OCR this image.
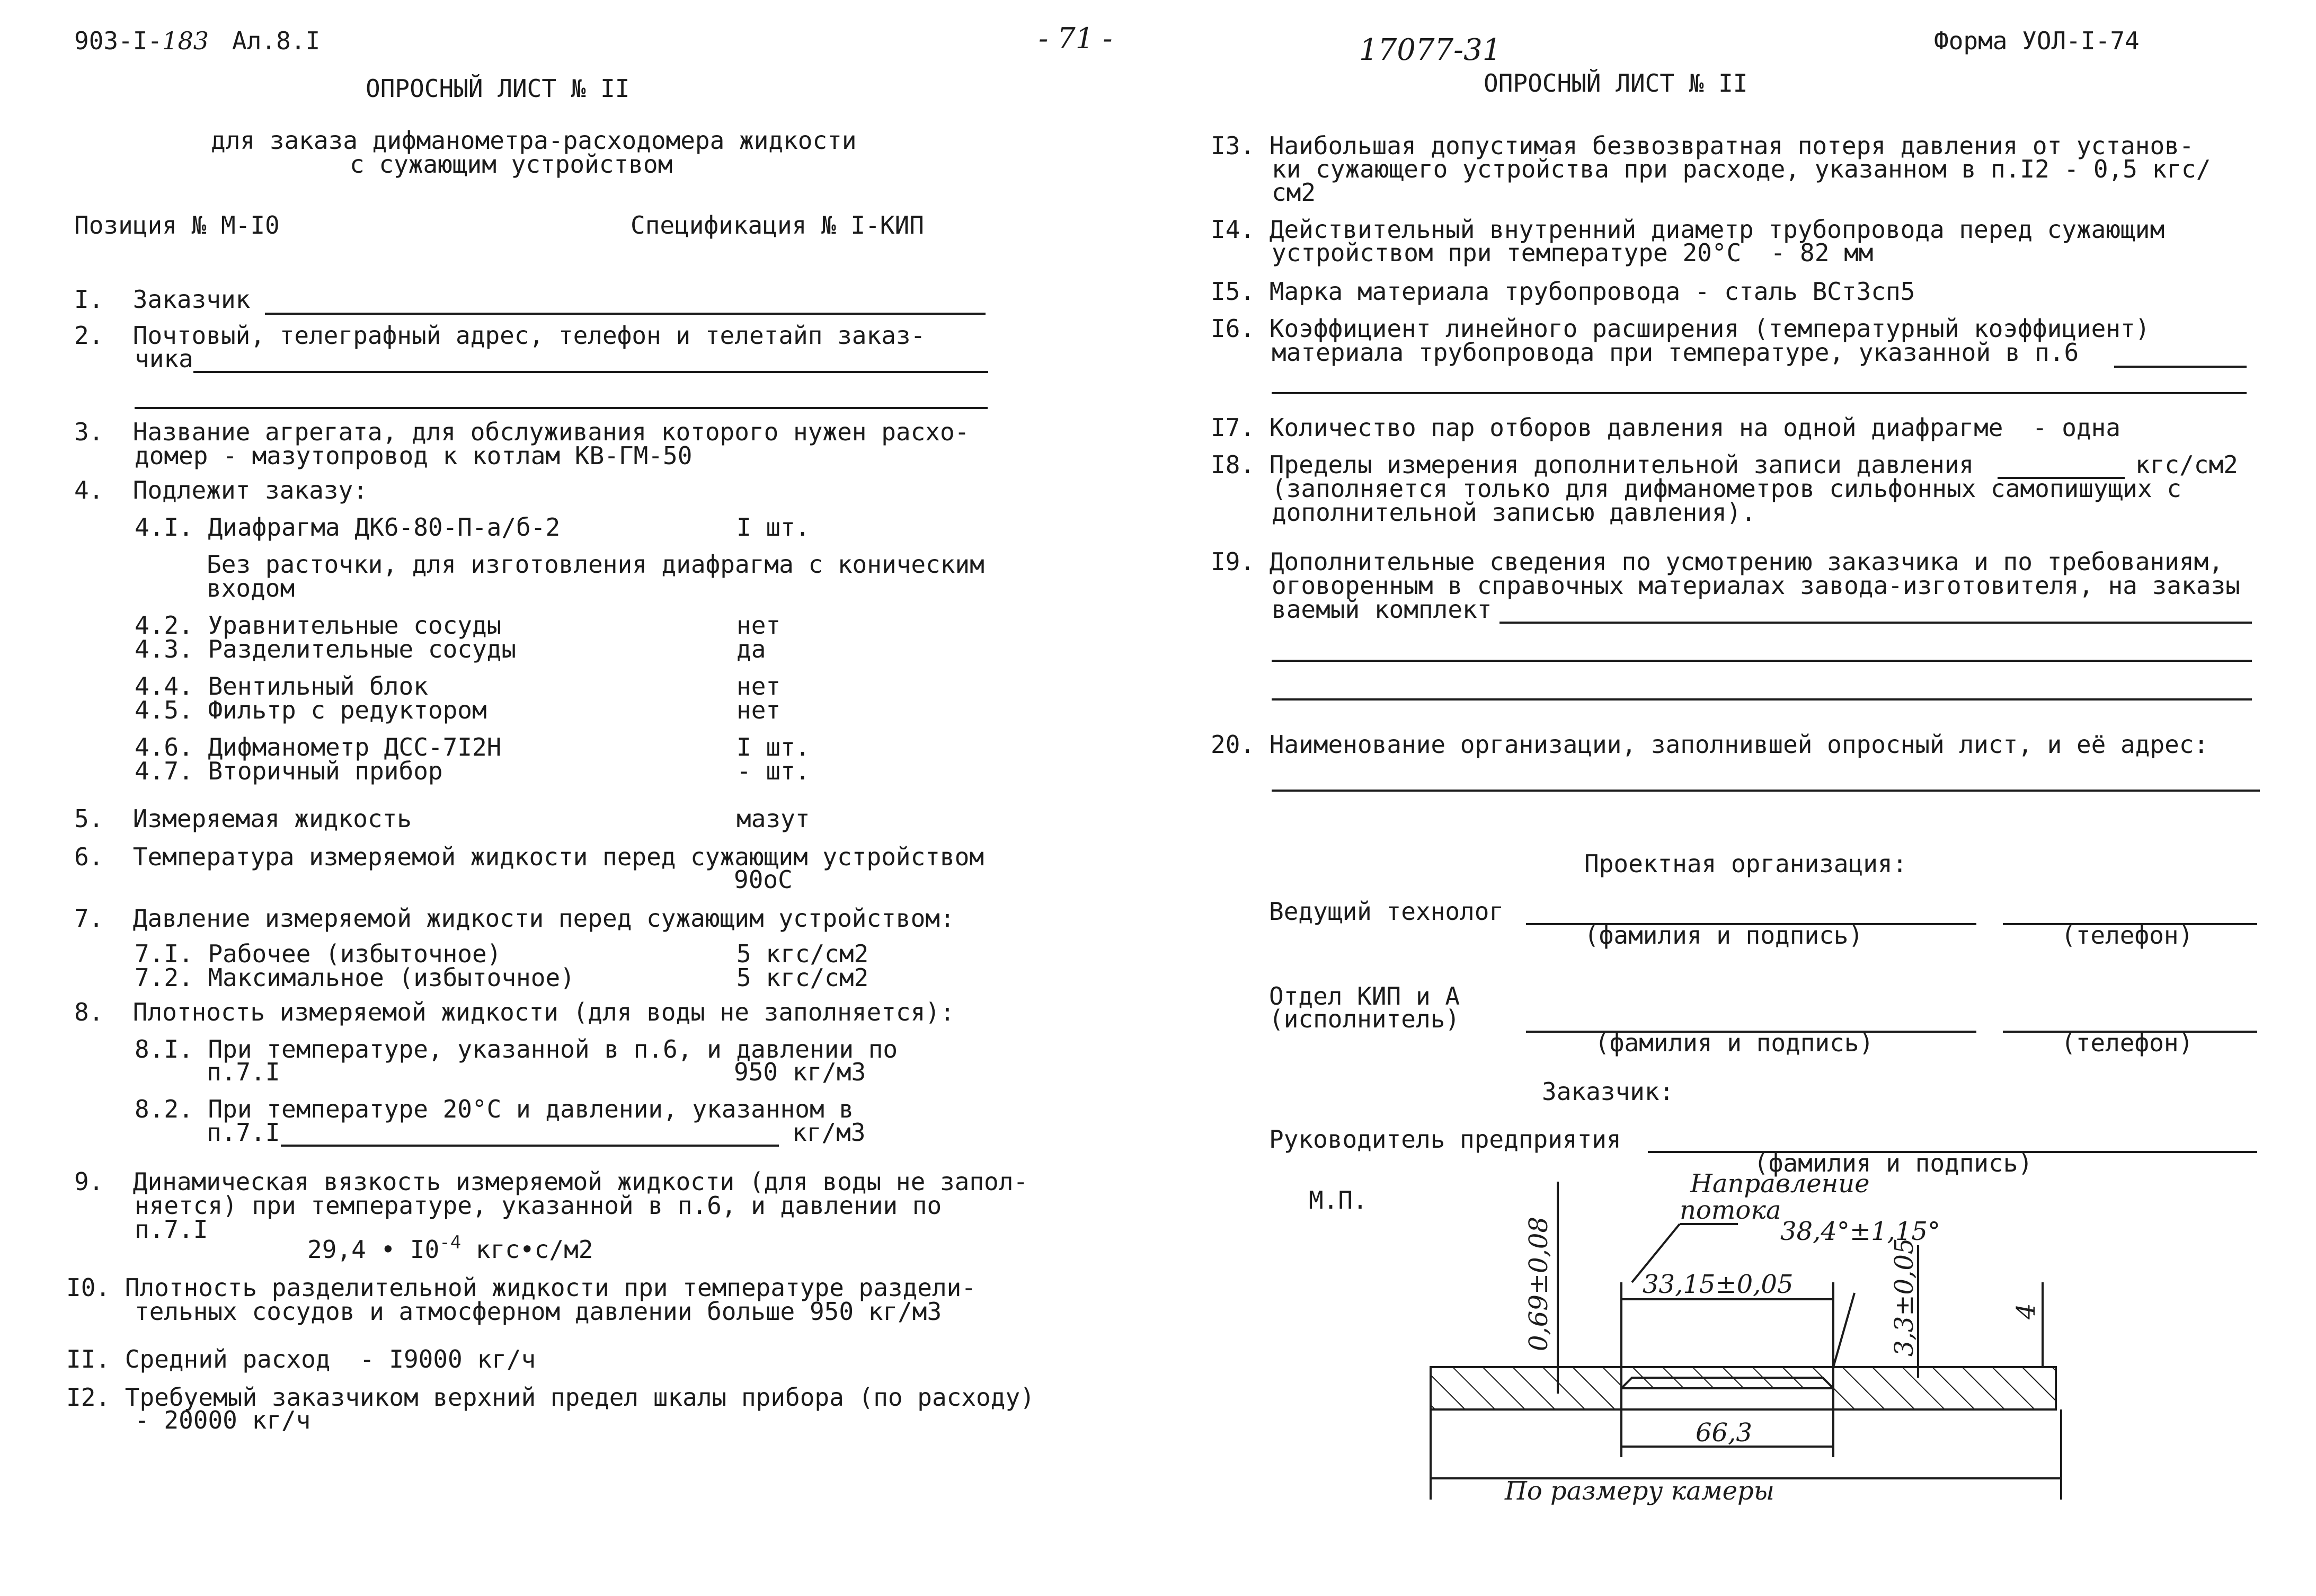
903-I-183 Ал.8.I
ОПРОСНЫЙ ЛИСТ № II
для заказа дифманометра-расходомера жидкости
с сужающим устройством
Позиция № М-I0	Спецификация № I-КИП
I.  Заказчик
2.  Почтовый, телеграфный адрес, телефон и телетайп заказ-
чика
3.  Название агрегата, для обслуживания которого нужен расхо-
домер - мазутопровод к котлам КВ-ГМ-50
4.  Подлежит заказу:
4.I. Диафрагма ДК6-80-П-а/б-2	I шт.
Без расточки, для изготовления диафрагма с коническим
входом
4.2. Уравнительные сосуды	нет
4.3. Разделительные сосуды	да
4.4. Вентильный блок	нет
4.5. Фильтр с редуктором	нет
4.6. Дифманометр ДСС-7I2Н	I шт.
4.7. Вторичный прибор	- шт.
5.  Измеряемая жидкость	мазут
6.  Температура измеряемой жидкости перед сужающим устройством
90оС
7.  Давление измеряемой жидкости перед сужающим устройством:
7.I. Рабочее (избыточное)	5 кгс/см2
7.2. Максимальное (избыточное)	5 кгс/см2
8.  Плотность измеряемой жидкости (для воды не заполняется):
8.I. При температуре, указанной в п.6, и давлении по
п.7.I	950 кг/м3
8.2. При температуре 20°С и давлении, указанном в
п.7.I	кг/м3
9.  Динамическая вязкость измеряемой жидкости (для воды не запол-
няется) при температуре, указанной в п.6, и давлении по
п.7.I
29,4 • $I0^{-4}$ кгс•с/м2
I0. Плотность разделительной жидкости при температуре раздели-
тельных сосудов и атмосферном давлении больше 950 кг/м3
II. Средний расход  - I9000 кг/ч
I2. Требуемый заказчиком верхний предел шкалы прибора (по расходу)
- 20000 кг/ч
- 71 -	17077-31	Форма УОЛ-I-74
ОПРОСНЫЙ ЛИСТ № II
I3. Наибольшая допустимая безвозвратная потеря давления от установ-
ки сужающего устройства при расходе, указанном в п.I2 - 0,5 кгс/
см2
I4. Действительный внутренний диаметр трубопровода перед сужающим
устройством при температуре 20°С  - 82 мм
I5. Марка материала трубопровода - сталь ВСт3сп5
I6. Коэффициент линейного расширения (температурный коэффициент)
материала трубопровода при температуре, указанной в п.6
I7. Количество пар отборов давления на одной диафрагме  - одна
I8. Пределы измерения дополнительной записи давления	кгс/см2
(заполняется только для дифманометров сильфонных самопишущих с
дополнительной записью давления).
I9. Дополнительные сведения по усмотрению заказчика и по требованиям,
оговоренным в справочных материалах завода-изготовителя, на заказы
ваемый комплект
20. Наименование организации, заполнившей опросный лист, и её адрес:
Проектная организация:
Ведущий технолог
(фамилия и подпись)	(телефон)
Отдел КИП и А
(исполнитель)
(фамилия и подпись)	(телефон)
Заказчик:
Руководитель предприятия
(фамилия и подпись)
М.П.
Направление
потока
38,4°±1,15°
0,69±0,08	33,15±0,05	3,3±0,05	4
66,3
По размеру камеры
